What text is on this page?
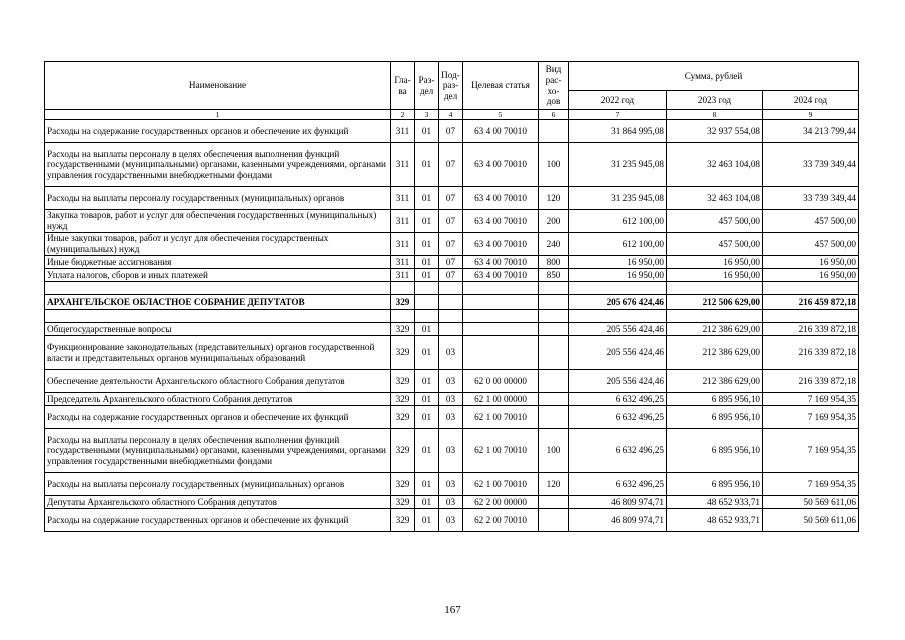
Наименование	Гла-ва	Раз-дел	Под-раз-дел	Целевая статья	Вид рас-хо-дов	Сумма, рублей		
						2022 год	2023 год	2024 год
1	2	3	4	5	6	7	8	9
Расходы на содержание государственных органов и обеспечение их функций	311	01	07	63 4 00 70010		31 864 995,08	32 937 554,08	34 213 799,44
Расходы на выплаты персоналу в целях обеспечения выполнения функций государственными (муниципальными) органами, казенными учреждениями, органами управления государственными внебюджетными фондами	311	01	07	63 4 00 70010	100	31 235 945,08	32 463 104,08	33 739 349,44
Расходы на выплаты персоналу государственных (муниципальных) органов	311	01	07	63 4 00 70010	120	31 235 945,08	32 463 104,08	33 739 349,44
Закупка товаров, работ и услуг для обеспечения государственных (муниципальных) нужд	311	01	07	63 4 00 70010	200	612 100,00	457 500,00	457 500,00
Иные закупки товаров, работ и услуг для обеспечения государственных (муниципальных) нужд	311	01	07	63 4 00 70010	240	612 100,00	457 500,00	457 500,00
Иные бюджетные ассигнования	311	01	07	63 4 00 70010	800	16 950,00	16 950,00	16 950,00
Уплата налогов, сборов и иных платежей	311	01	07	63 4 00 70010	850	16 950,00	16 950,00	16 950,00

АРХАНГЕЛЬСКОЕ ОБЛАСТНОЕ СОБРАНИЕ ДЕПУТАТОВ	329					205 676 424,46	212 506 629,00	216 459 872,18

Общегосударственные вопросы	329	01				205 556 424,46	212 386 629,00	216 339 872,18
Функционирование законодательных (представительных) органов государственной власти и представительных органов муниципальных образований	329	01	03			205 556 424,46	212 386 629,00	216 339 872,18
Обеспечение деятельности Архангельского областного Собрания депутатов	329	01	03	62 0 00 00000		205 556 424,46	212 386 629,00	216 339 872,18
Председатель Архангельского областного Собрания депутатов	329	01	03	62 1 00 00000		6 632 496,25	6 895 956,10	7 169 954,35
Расходы на содержание государственных органов и обеспечение их функций	329	01	03	62 1 00 70010		6 632 496,25	6 895 956,10	7 169 954,35
Расходы на выплаты персоналу в целях обеспечения выполнения функций государственными (муниципальными) органами, казенными учреждениями, органами управления государственными внебюджетными фондами	329	01	03	62 1 00 70010	100	6 632 496,25	6 895 956,10	7 169 954,35
Расходы на выплаты персоналу государственных (муниципальных) органов	329	01	03	62 1 00 70010	120	6 632 496,25	6 895 956,10	7 169 954,35
Депутаты Архангельского областного Собрания депутатов	329	01	03	62 2 00 00000		46 809 974,71	48 652 933,71	50 569 611,06
Расходы на содержание государственных органов и обеспечение их функций	329	01	03	62 2 00 70010		46 809 974,71	48 652 933,71	50 569 611,06
167
